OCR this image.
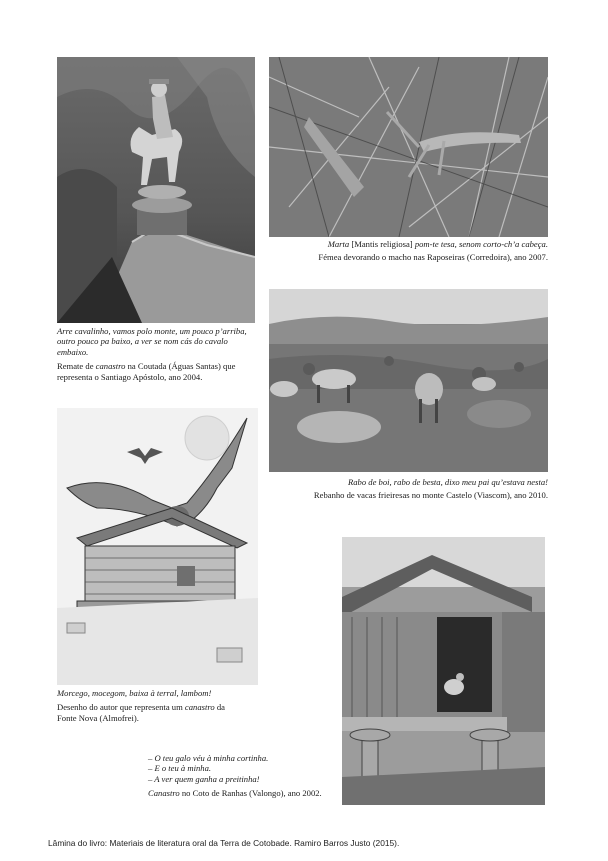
Marta [Mantis religiosa] pom-te tesa, senom corto-ch’a cabeça.
Fémea devorando o macho nas Raposeiras (Corredoira), ano 2007.
Arre cavalinho, vamos polo monte, um pouco p’arriba,
outro pouco pa baixo, a ver se nom cás do cavalo
embaixo.
Remate de canastro na Coutada (Águas Santas) que
representa o Santiago Apóstolo, ano 2004.
Rabo de boi, rabo de besta, dixo meu pai qu’estava nesta!
Rebanho de vacas frieiresas no monte Castelo (Viascom), ano 2010.
Morcego, mocegom, baixa à terral, lambom!
Desenho do autor que representa um canastro da
Fonte Nova (Almofrei).
– O teu galo véu à minha cortinha.
– E o teu à minha.
– A ver quem ganha a preitinha!
Canastro no Coto de Ranhas (Valongo), ano 2002.
Lâmina do livro: Materiais de literatura oral da Terra de Cotobade. Ramiro Barros Justo (2015).
